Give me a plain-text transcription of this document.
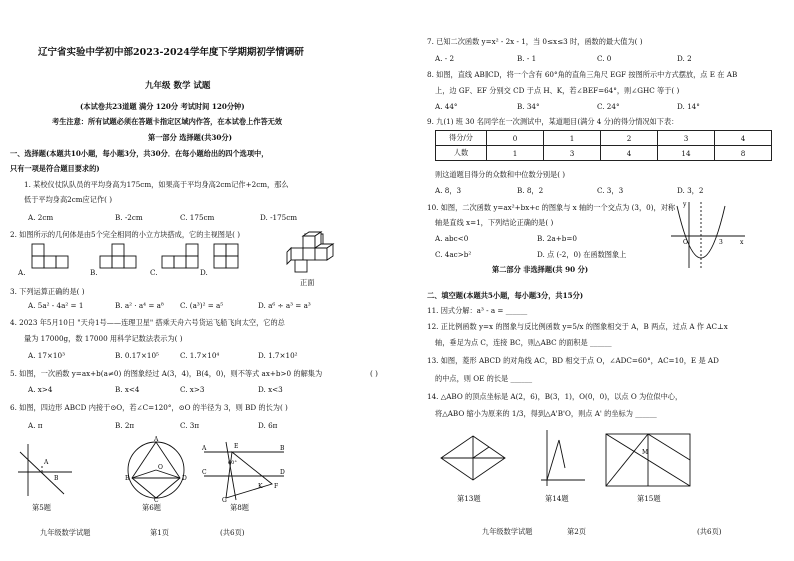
辽宁省实验中学初中部2023-2024学年度下学期期初学情调研
九年级 数学 试题
(本试卷共23道题 满分 120分 考试时间 120分钟)
考生注意：所有试题必须在答题卡指定区域内作答，在本试卷上作答无效
第一部分 选择题(共30分)
一、选择题(本题共10小题，每小题3分，共30分．在每小题给出的四个选项中，
只有一项是符合题目要求的)
1. 某校仪仗队队员的平均身高为175cm，如果高于平均身高2cm记作+2cm，那么
低于平均身高2cm应记作( )
A. 2cm	B. -2cm	C. 175cm	D. -175cm
2. 如图所示的几何体是由5个完全相同的小立方块搭成，它的主视图是( )
A.	B.	C.	D.
正面
3. 下列运算正确的是( )
A. 5a² - 4a² = 1	B. a² · a⁴ = a⁸ C. (a³)² = a⁵	D. a⁶ ÷ a³ = a³
4. 2023 年5月10日 "天舟1号——连理卫星" 搭乘天舟六号货运飞船飞向太空，它的总
量为 17000g，数 17000 用科学记数法表示为( )
A. 17×10³	B. 0.17×10⁵	C. 1.7×10⁴	D. 1.7×10²
5. 如图，一次函数 y=ax+b(a≠0) 的图象经过 A(3，4)，B(4，0)，则不等式 ax+b>0 的解集为	( )
A. x>4	B. x<4	C. x>3	D. x<3
6. 如图，四边形 ABCD 内接于⊙O，若∠C=120°，⊙O 的半径为 3，则 BD 的长为( )
A. π	B. 2π	C. 3π	D. 6π
A
B
A
B	D
C
O
A	B
C	D
E
60°
K F
G
第5题	第6题	第8题
九年级数学试题	第1页	(共6页)
7. 已知二次函数 y=x² - 2x - 1，当 0≤x≤3 时，函数的最大值为( )
A. - 2	B. - 1	C. 0	D. 2
8. 如图，直线 AB∥CD，将一个含有 60°角的直角三角尺 EGF 按图所示中方式摆放，点 E 在 AB
上，边 GF、EF 分别交 CD 于点 H、K，若∠BEF=64°，则∠GHC 等于( )
A. 44°	B. 34°	C. 24°	D. 14°
9. 九(1) 班 30 名同学在一次测试中，某道题目(满分 4 分)的得分情况如下表：
得分/分	0	1	2	3	4
人数	1	3	4	14	8
则这道题目得分的众数和中位数分别是( )
A. 8，3	B. 8，2	C. 3，3	D. 3，2
10. 如图，二次函数 y=ax²+bx+c 的图象与 x 轴的一个交点为 (3，0)，对称
轴是直线 x=1，下列结论正确的是( )
A. abc<0	B. 2a+b=0
C. 4ac>b²	D. 点 (-2，0) 在函数图象上
O	3	x
y
第二部分 非选择题(共 90 分)
二、填空题(本题共5小题，每小题3分，共15分)
11. 因式分解：a³ - a = ______
12. 正比例函数 y=x 的图象与反比例函数 y=5/x 的图象相交于 A，B 两点，过点 A 作 AC⊥x
轴，垂足为点 C，连接 BC，则△ABC 的面积是 ______
13. 如图，菱形 ABCD 的对角线 AC，BD 相交于点 O，∠ADC=60°，AC=10，E 是 AD
的中点，则 OE 的长是 ______
14. △ABO 的顶点坐标是 A(2，6)，B(3，1)，O(0，0)，以点 O 为位似中心，
将△ABO 缩小为原来的 1/3，得到△A'B'O，则点 A' 的坐标为 ______
M
第13题	第14题	第15题
九年级数学试题	第2页	(共6页)
